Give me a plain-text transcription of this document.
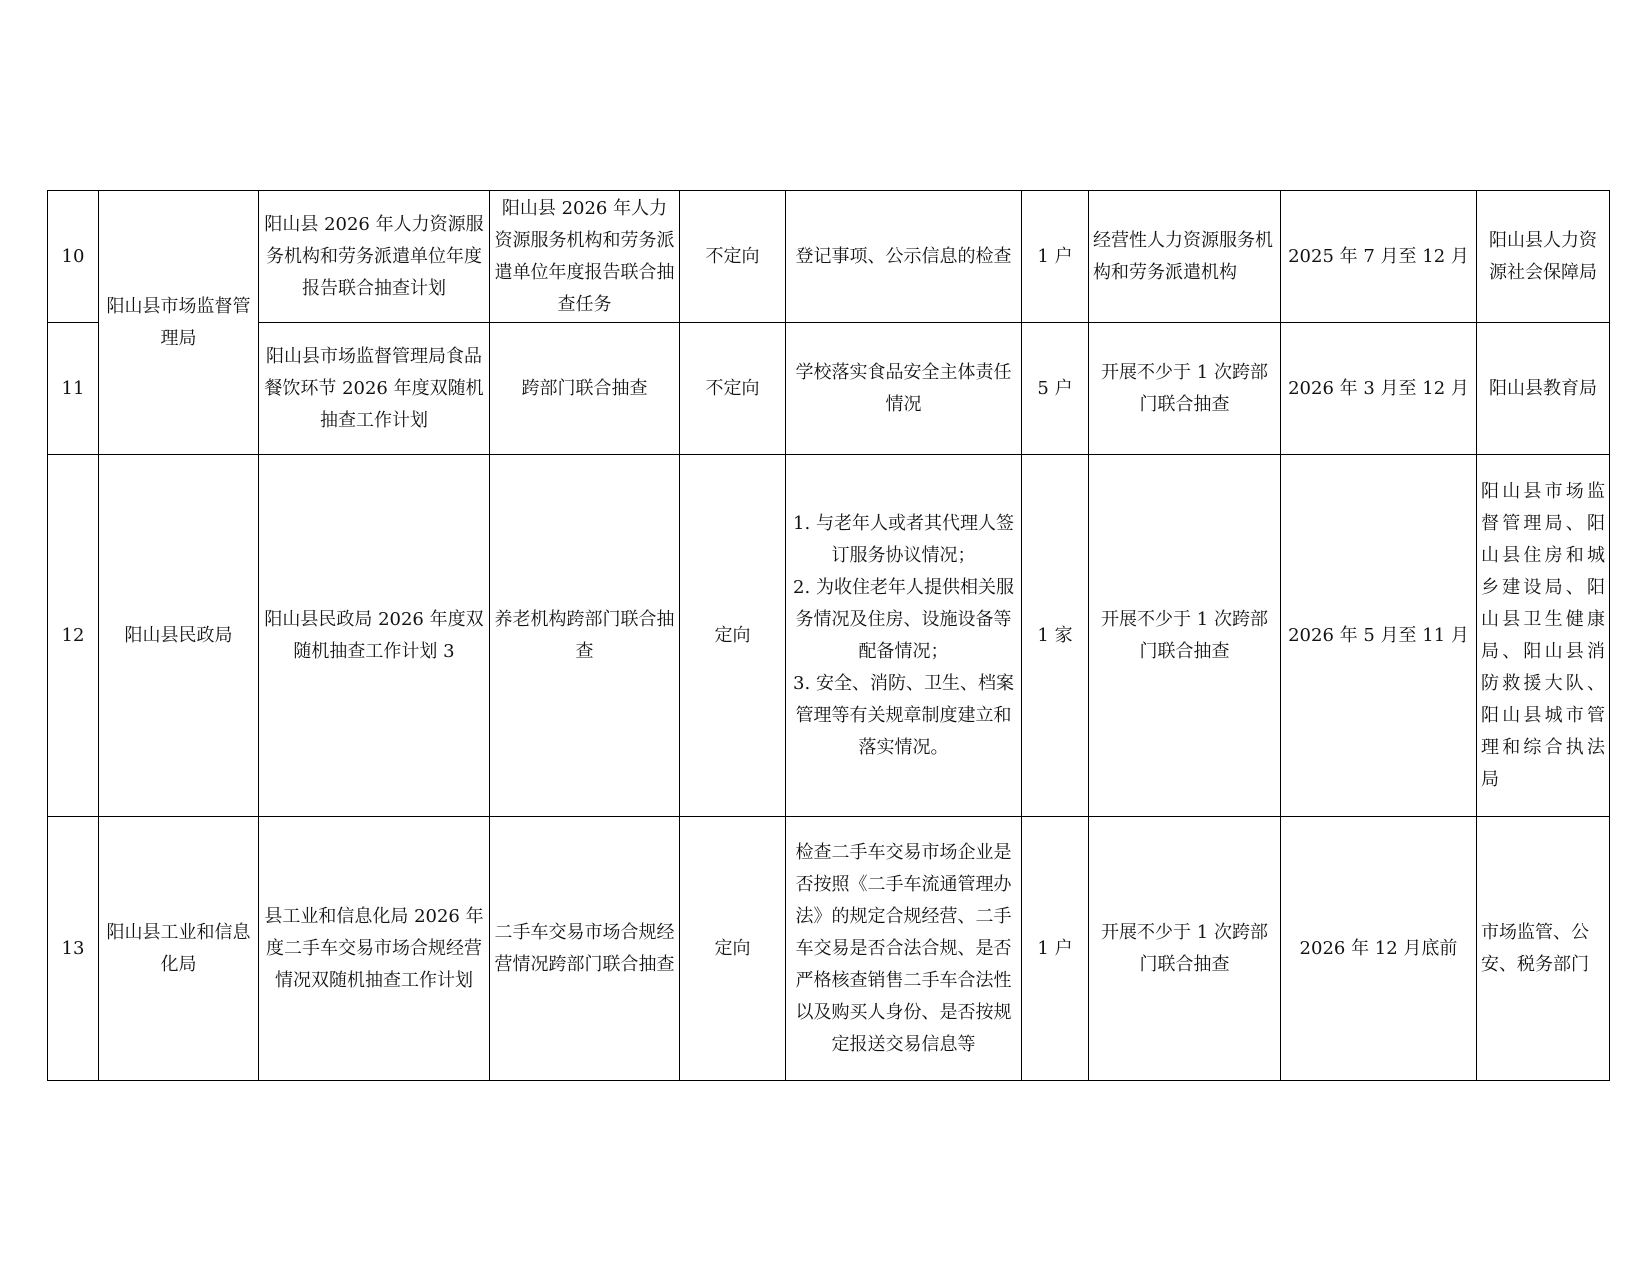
10	阳山县市场监督管理局	阳山县 2026 年人力资源服务机构和劳务派遣单位年度报告联合抽查计划	阳山县 2026 年人力资源服务机构和劳务派遣单位年度报告联合抽查任务	不定向	登记事项、公示信息的检查	1 户	经营性人力资源服务机构和劳务派遣机构	2025 年 7 月至 12 月	阳山县人力资源社会保障局
11		阳山县市场监督管理局食品餐饮环节 2026 年度双随机抽查工作计划	跨部门联合抽查	不定向	学校落实食品安全主体责任情况	5 户	开展不少于 1 次跨部门联合抽查	2026 年 3 月至 12 月	阳山县教育局
12	阳山县民政局	阳山县民政局 2026 年度双随机抽查工作计划 3	养老机构跨部门联合抽查	定向	1. 与老年人或者其代理人签订服务协议情况；
2. 为收住老年人提供相关服务情况及住房、设施设备等配备情况；
3. 安全、消防、卫生、档案管理等有关规章制度建立和落实情况。	1 家	开展不少于 1 次跨部门联合抽查	2026 年 5 月至 11 月	阳山县市场监督管理局、阳山县住房和城乡建设局、阳山县卫生健康局、阳山县消防救援大队、阳山县城市管理和综合执法局
13	阳山县工业和信息化局	县工业和信息化局 2026 年度二手车交易市场合规经营情况双随机抽查工作计划	二手车交易市场合规经营情况跨部门联合抽查	定向	检查二手车交易市场企业是否按照《二手车流通管理办法》的规定合规经营、二手车交易是否合法合规、是否严格核查销售二手车合法性以及购买人身份、是否按规定报送交易信息等	1 户	开展不少于 1 次跨部门联合抽查	2026 年 12 月底前	市场监管、公安、税务部门
